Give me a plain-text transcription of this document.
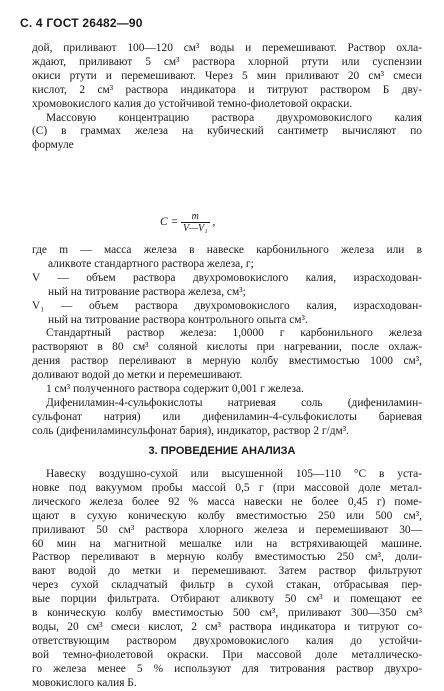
С. 4 ГОСТ 26482—90
дой, приливают 100—120 см³ воды и перемешивают. Раствор охла-
ждают, приливают 5 см³ раствора хлорной ртути или суспензии
окиси ртути и перемешивают. Через 5 мин приливают 20 см³ смеси
кислот, 2 см³ раствора индикатора и титруют раствором Б дву-
хромовокислого калия до устойчивой темно-фиолетовой окраски.
Массовую концентрацию раствора двухромовокислого калия
(C) в граммах железа на кубический сантиметр вычисляют по
формуле
$C = \frac{m}{\text{V—V₁}}$ ,
где m — масса железа в навеске карбонильного железа или в
аликвоте стандартного раствора железа, г;
V — объем раствора двухромовокислого калия, израсходован-
ный на титрование раствора железа, см³;
V₁ — объем раствора двухромовокислого калия, израсходован-
ный на титрование раствора контрольного опыта см³.
Стандартный раствор железа: 1,0000 г карбонильного железа
растворяют в 80 см³ соляной кислоты при нагревании, после охлаж-
дения раствор переливают в мерную колбу вместимостью 1000 см³,
доливают водой до метки и перемешивают.
1 см³ полученного раствора содержит 0,001 г железа.
Дифениламин-4-сульфокислоты натриевая соль (дифениламин-
сульфонат натрия) или дифениламин-4-сульфокислоты бариевая
соль (дифениламинсульфонат бария), индикатор, раствор 2 г/дм³.
3. ПРОВЕДЕНИЕ АНАЛИЗА
Навеску воздушно-сухой или высушенной 105—110 °С в уста-
новке под вакуумом пробы массой 0,5 г (при массовой доле метал-
лического железа более 92 % масса навески не более 0,45 г) поме-
щают в сухую коническую колбу вместимостью 250 или 500 см³,
приливают 50 см³ раствора хлорного железа и перемешивают 30—
60 мин на магнитной мешалке или на встряхивающей машине.
Раствор переливают в мерную колбу вместимостью 250 см³, доли-
вают водой до метки и перемешивают. Затем раствор фильтруют
через сухой складчатый фильтр в сухой стакан, отбрасывая пер-
вые порции фильтрата. Отбирают аликвоту 50 см³ и помещают ее
в коническую колбу вместимостью 500 см³, приливают 300—350 см³
воды, 20 см³ смеси кислот, 2 см³ раствора индикатора и титруют со-
ответствующим раствором двухромовокислого калия до устойчи-
вой темно-фиолетовой окраски. При массовой доле металлическо-
го железа менее 5 % используют для титрования раствор двухро-
мовокислого калия Б.
